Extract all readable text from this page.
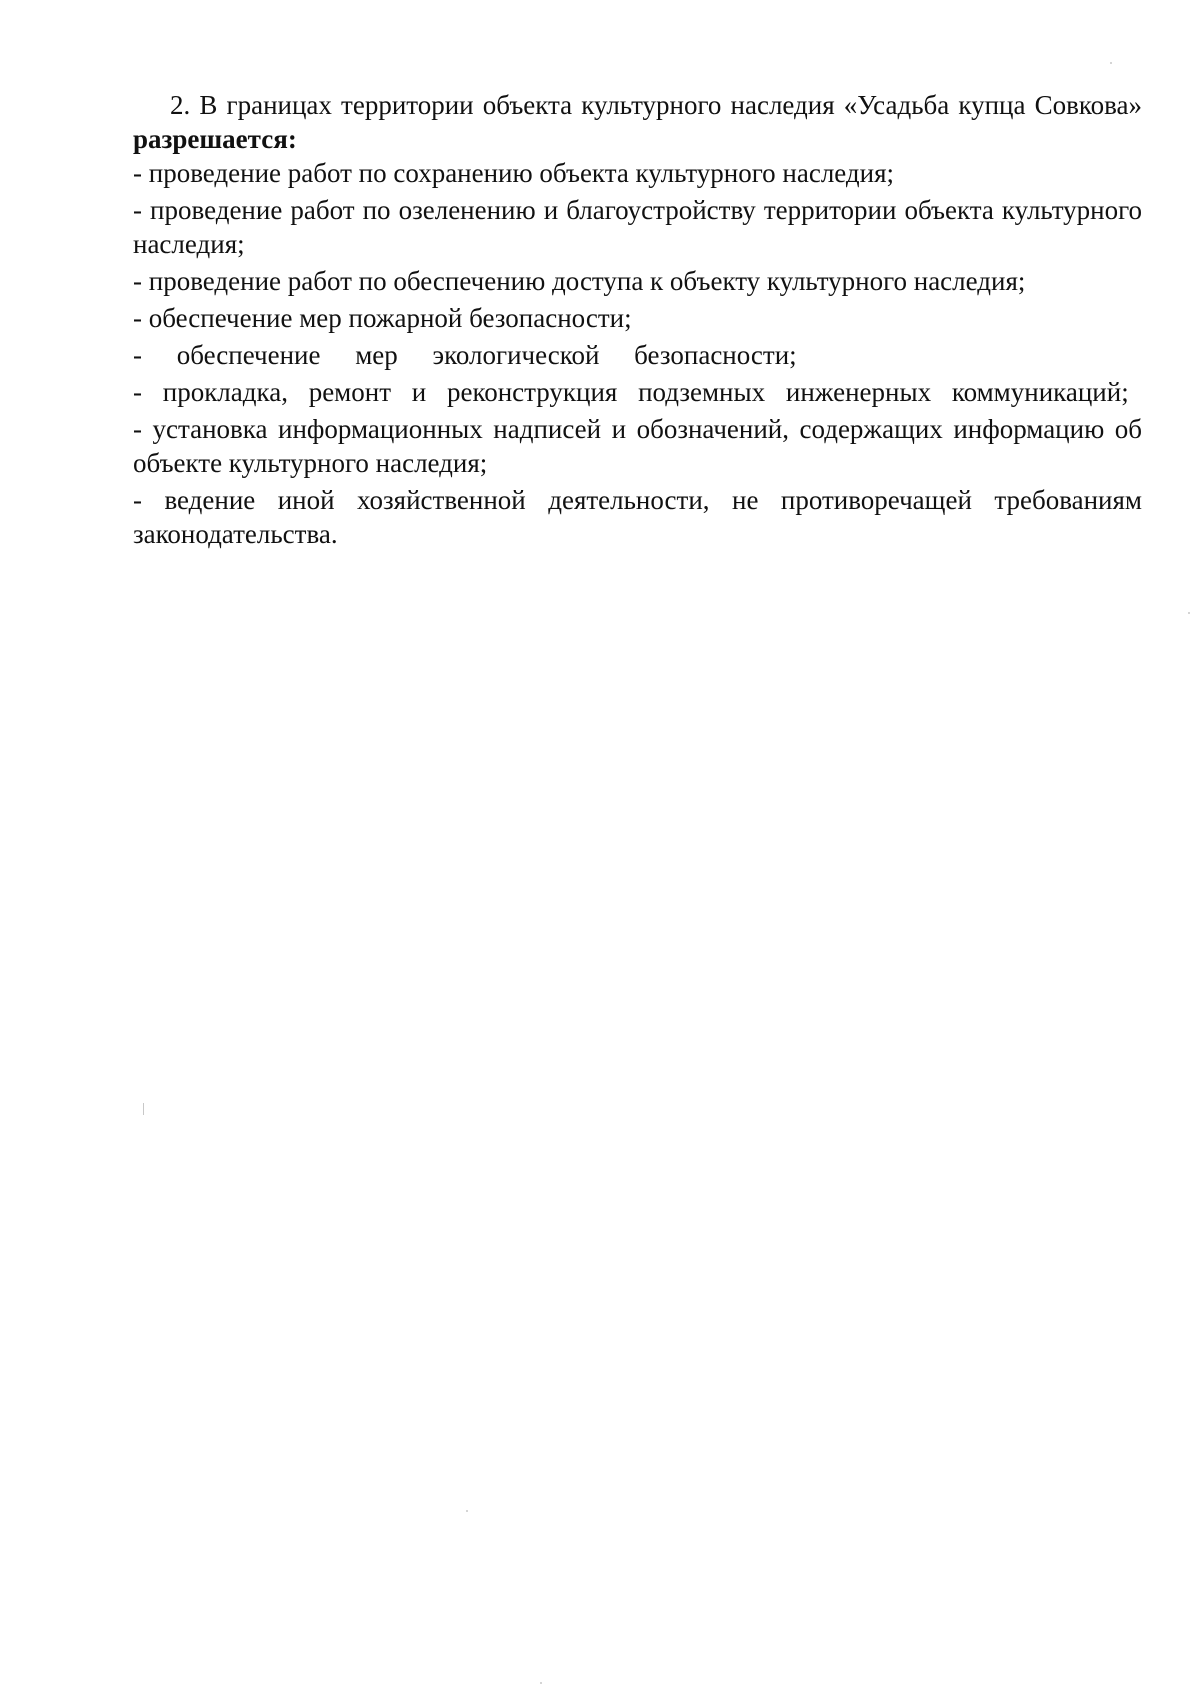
2. В границах территории объекта культурного наследия «Усадьба купца Совкова» разрешается:

- проведение работ по сохранению объекта культурного наследия;

- проведение работ по озеленению и благоустройству территории объекта культурного наследия;

- проведение работ по обеспечению доступа к объекту культурного наследия;

- обеспечение мер пожарной безопасности;

- обеспечение мер экологической безопасности;

- прокладка, ремонт и реконструкция подземных инженерных коммуникаций;

- установка информационных надписей и обозначений, содержащих информацию об объекте культурного наследия;

- ведение иной хозяйственной деятельности, не противоречащей требованиям законодательства.
